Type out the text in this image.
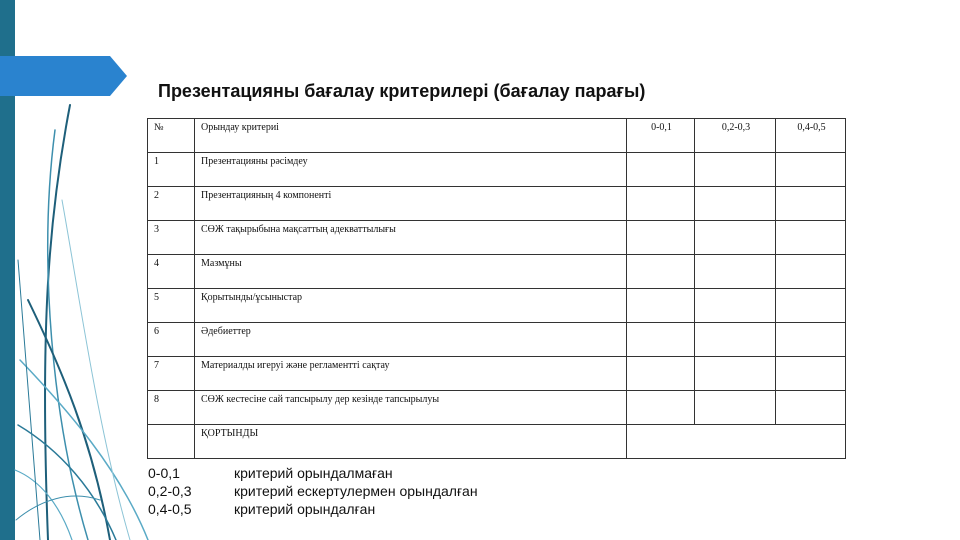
Презентацияны бағалау критерилері (бағалау парағы)
№	Орындау критериі	0-0,1	0,2-0,3	0,4-0,5
1	Презентацияны рәсімдеу			
2	Презентацияның 4 компоненті			
3	СӨЖ тақырыбына мақсаттың адекваттылығы			
4	Мазмұны			
5	Қорытынды/ұсыныстар			
6	Әдебиеттер			
7	Материалды игеруі және регламентті сақтау			
8	СӨЖ кестесіне сай тапсырылу дер кезінде тапсырылуы			
	ҚОРТЫНДЫ			
0-0,1	критерий орындалмаған
0,2-0,3	критерий ескертулермен орындалған
0,4-0,5	критерий орындалған
